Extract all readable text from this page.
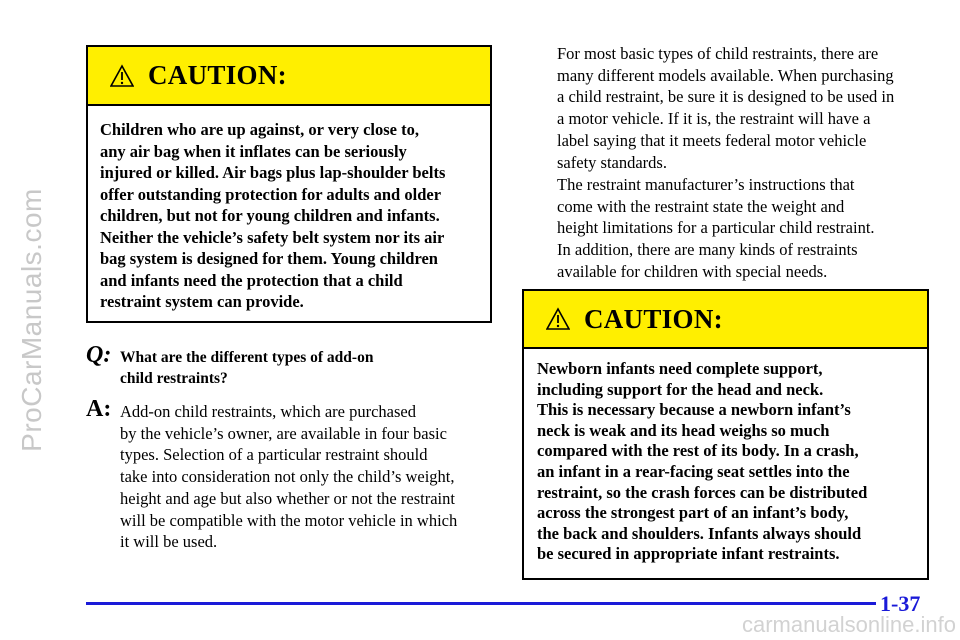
ProCarManuals.com
CAUTION:
Children who are up against, or very close to,
any air bag when it inflates can be seriously
injured or killed. Air bags plus lap-shoulder belts
offer outstanding protection for adults and older
children, but not for young children and infants.
Neither the vehicle’s safety belt system nor its air
bag system is designed for them. Young children
and infants need the protection that a child
restraint system can provide.
Q: What are the different types of add-on
child restraints?
A: Add-on child restraints, which are purchased
by the vehicle’s owner, are available in four basic
types. Selection of a particular restraint should
take into consideration not only the child’s weight,
height and age but also whether or not the restraint
will be compatible with the motor vehicle in which
it will be used.
For most basic types of child restraints, there are
many different models available. When purchasing
a child restraint, be sure it is designed to be used in
a motor vehicle. If it is, the restraint will have a
label saying that it meets federal motor vehicle
safety standards.
The restraint manufacturer’s instructions that
come with the restraint state the weight and
height limitations for a particular child restraint.
In addition, there are many kinds of restraints
available for children with special needs.
CAUTION:
Newborn infants need complete support,
including support for the head and neck.
This is necessary because a newborn infant’s
neck is weak and its head weighs so much
compared with the rest of its body. In a crash,
an infant in a rear-facing seat settles into the
restraint, so the crash forces can be distributed
across the strongest part of an infant’s body,
the back and shoulders. Infants always should
be secured in appropriate infant restraints.
1-37
carmanualsonline.info
